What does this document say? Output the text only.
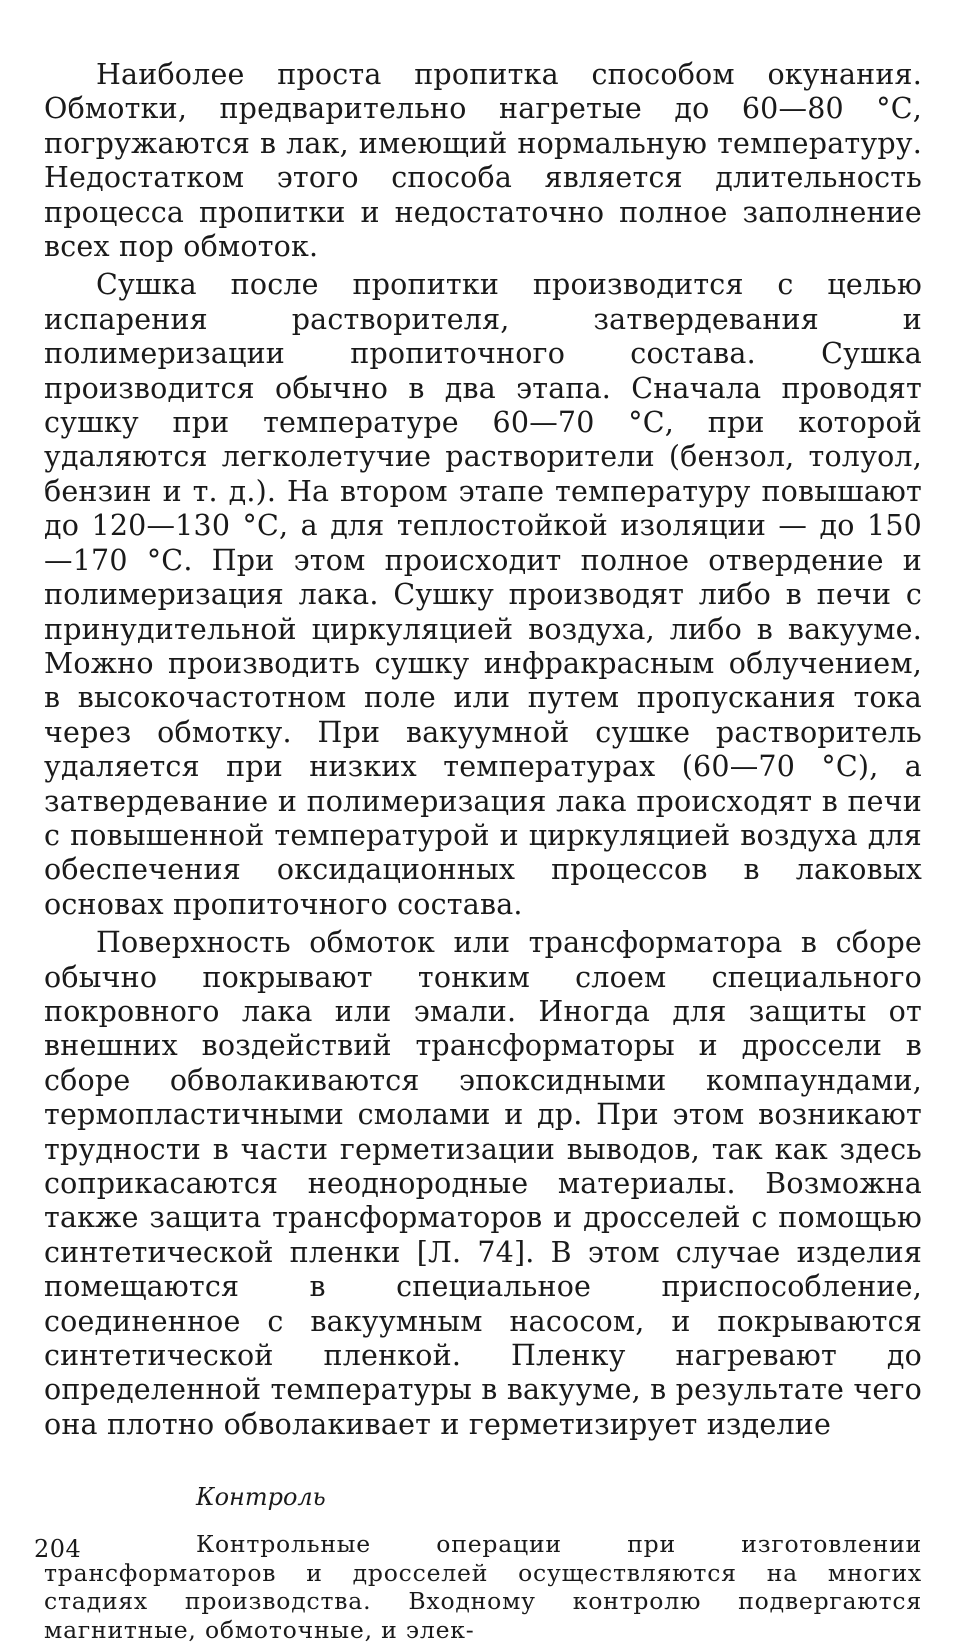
Наиболее проста пропитка способом окунания. Обмотки, предварительно нагретые до 60—80 °С, погружаются в лак, имеющий нормальную температуру. Недостатком этого способа является длительность процесса пропитки и недостаточно полное заполнение всех пор обмоток.

Сушка после пропитки производится с целью испарения растворителя, затвердевания и полимеризации пропиточного состава. Сушка производится обычно в два этапа. Сначала проводят сушку при температуре 60—70 °С, при которой удаляются легколетучие растворители (бензол, толуол, бензин и т. д.). На втором этапе температуру повышают до 120—130 °С, а для теплостойкой изоляции — до 150—170 °С. При этом происходит полное отвердение и полимеризация лака. Сушку производят либо в печи с принудительной циркуляцией воздуха, либо в вакууме. Можно производить сушку инфракрасным облучением, в высокочастотном поле или путем пропускания тока через обмотку. При вакуумной сушке растворитель удаляется при низких температурах (60—70 °С), а затвердевание и полимеризация лака происходят в печи с повышенной температурой и циркуляцией воздуха для обеспечения оксидационных процессов в лаковых основах пропиточного состава.

Поверхность обмоток или трансформатора в сборе обычно покрывают тонким слоем специального покровного лака или эмали. Иногда для защиты от внешних воздействий трансформаторы и дроссели в сборе обволакиваются эпоксидными компаундами, термопластичными смолами и др. При этом возникают трудности в части герметизации выводов, так как здесь соприкасаются неоднородные материалы. Возможна также защита трансформаторов и дросселей с помощью синтетической пленки [Л. 74]. В этом случае изделия помещаются в специальное приспособление, соединенное с вакуумным насосом, и покрываются синтетической пленкой. Пленку нагревают до определенной температуры в вакууме, в результате чего она плотно обволакивает и герметизирует изделие

Контроль

Контрольные операции при изготовлении трансформаторов и дросселей осуществляются на многих стадиях производства. Входному контролю подвергаются магнитные, обмоточные, и элек-

204
